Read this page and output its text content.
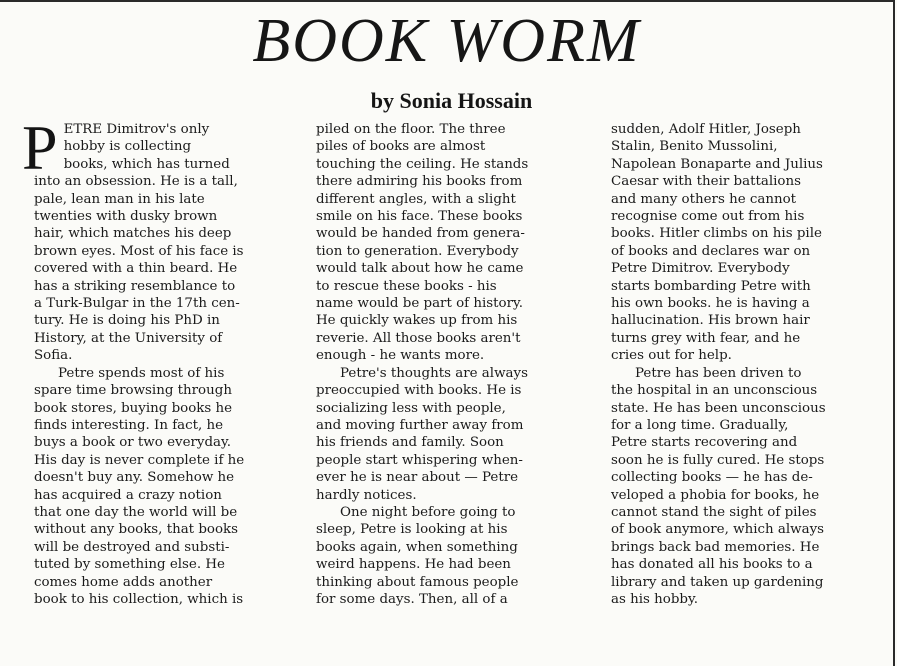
BOOK WORM
by Sonia Hossain
P ETRE Dimitrov's only
hobby is collecting
books, which has turned
into an obsession. He is a tall,
pale, lean man in his late
twenties with dusky brown
hair, which matches his deep
brown eyes. Most of his face is
covered with a thin beard. He
has a striking resemblance to
a Turk-Bulgar in the 17th cen-
tury. He is doing his PhD in
History, at the University of
Sofia.
Petre spends most of his
spare time browsing through
book stores, buying books he
finds interesting. In fact, he
buys a book or two everyday.
His day is never complete if he
doesn't buy any. Somehow he
has acquired a crazy notion
that one day the world will be
without any books, that books
will be destroyed and substi-
tuted by something else. He
comes home adds another
book to his collection, which is
piled on the floor. The three
piles of books are almost
touching the ceiling. He stands
there admiring his books from
different angles, with a slight
smile on his face. These books
would be handed from genera-
tion to generation. Everybody
would talk about how he came
to rescue these books - his
name would be part of history.
He quickly wakes up from his
reverie. All those books aren't
enough - he wants more.
Petre's thoughts are always
preoccupied with books. He is
socializing less with people,
and moving further away from
his friends and family. Soon
people start whispering when-
ever he is near about — Petre
hardly notices.
One night before going to
sleep, Petre is looking at his
books again, when something
weird happens. He had been
thinking about famous people
for some days. Then, all of a
sudden, Adolf Hitler, Joseph
Stalin, Benito Mussolini,
Napolean Bonaparte and Julius
Caesar with their battalions
and many others he cannot
recognise come out from his
books. Hitler climbs on his pile
of books and declares war on
Petre Dimitrov. Everybody
starts bombarding Petre with
his own books. he is having a
hallucination. His brown hair
turns grey with fear, and he
cries out for help.
Petre has been driven to
the hospital in an unconscious
state. He has been unconscious
for a long time. Gradually,
Petre starts recovering and
soon he is fully cured. He stops
collecting books — he has de-
veloped a phobia for books, he
cannot stand the sight of piles
of book anymore, which always
brings back bad memories. He
has donated all his books to a
library and taken up gardening
as his hobby.
